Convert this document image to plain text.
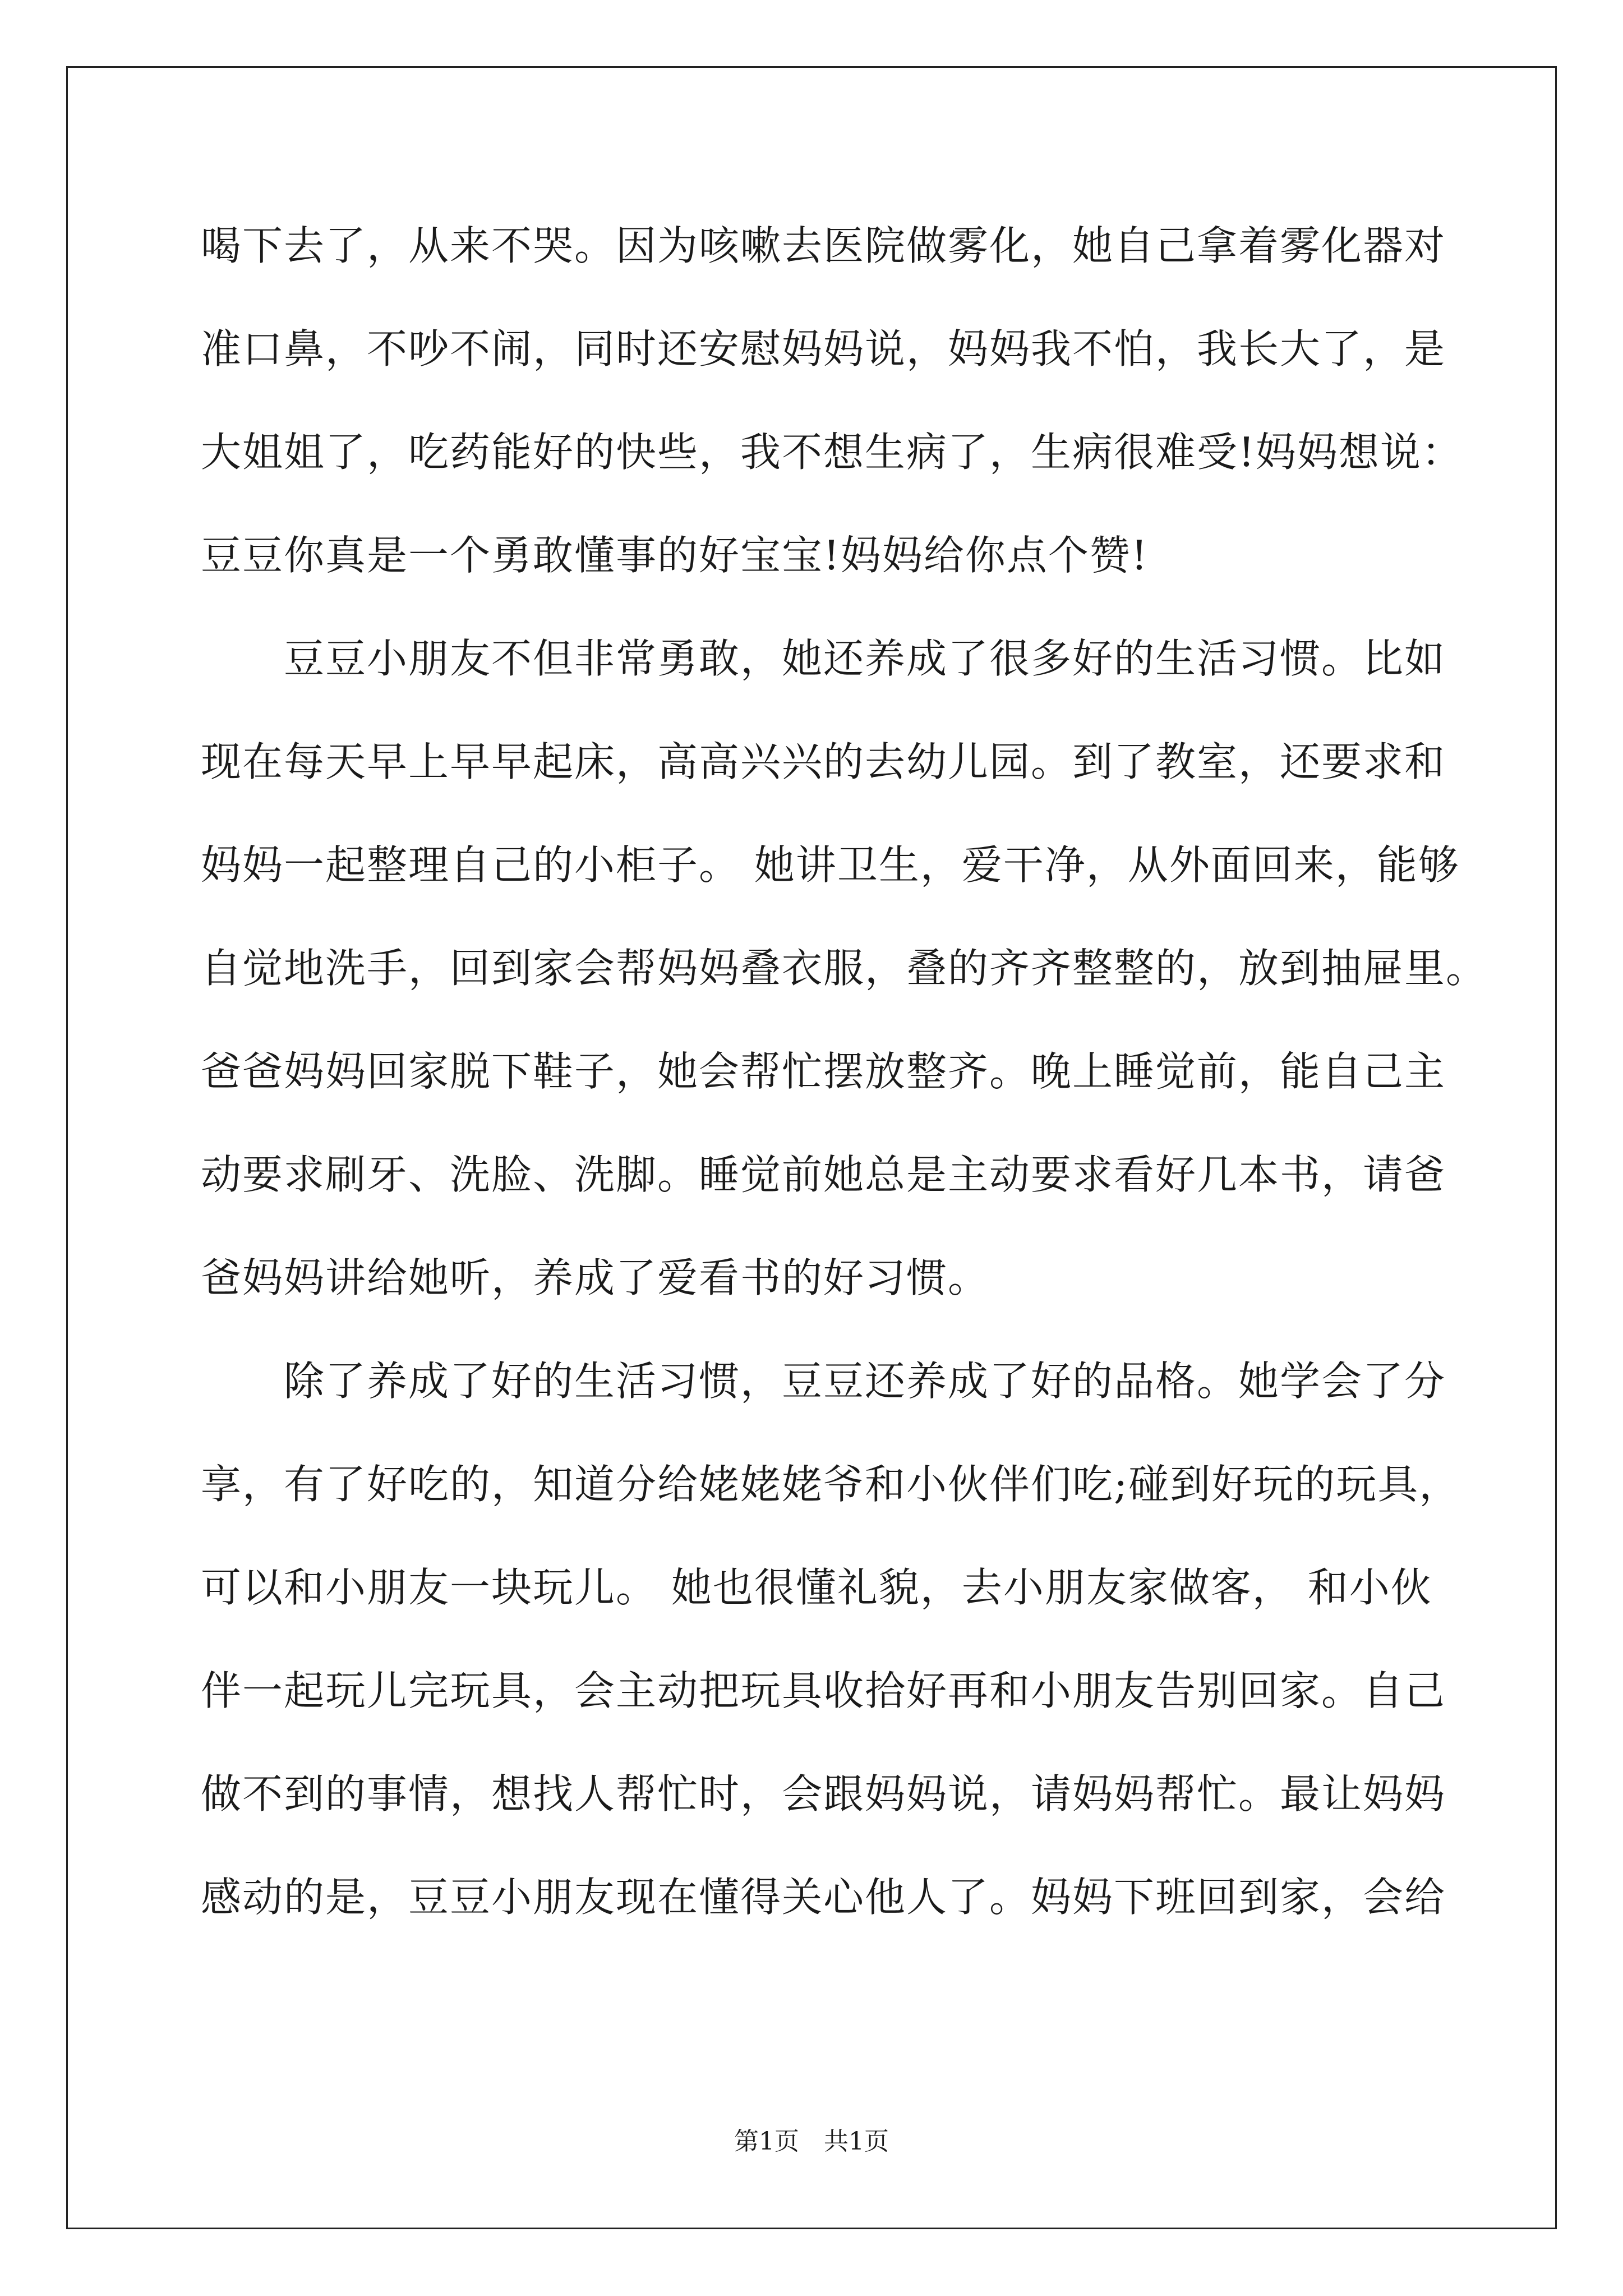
喝下去了，从来不哭。因为咳嗽去医院做雾化，她自己拿着雾化器对
准口鼻，不吵不闹，同时还安慰妈妈说，妈妈我不怕，我长大了，是
大姐姐了，吃药能好的快些，我不想生病了，生病很难受!妈妈想说：
豆豆你真是一个勇敢懂事的好宝宝!妈妈给你点个赞!
　　豆豆小朋友不但非常勇敢，她还养成了很多好的生活习惯。比如
现在每天早上早早起床，高高兴兴的去幼儿园。到了教室，还要求和
妈妈一起整理自己的小柜子。 她讲卫生，爱干净，从外面回来，能够
自觉地洗手，回到家会帮妈妈叠衣服，叠的齐齐整整的，放到抽屉里。
爸爸妈妈回家脱下鞋子，她会帮忙摆放整齐。晚上睡觉前，能自己主
动要求刷牙、洗脸、洗脚。睡觉前她总是主动要求看好几本书，请爸
爸妈妈讲给她听，养成了爱看书的好习惯。
　　除了养成了好的生活习惯，豆豆还养成了好的品格。她学会了分
享，有了好吃的，知道分给姥姥姥爷和小伙伴们吃;碰到好玩的玩具，
可以和小朋友一块玩儿。 她也很懂礼貌，去小朋友家做客， 和小伙
伴一起玩儿完玩具，会主动把玩具收拾好再和小朋友告别回家。自己
做不到的事情，想找人帮忙时，会跟妈妈说，请妈妈帮忙。最让妈妈
感动的是，豆豆小朋友现在懂得关心他人了。妈妈下班回到家，会给
第1页　共1页
